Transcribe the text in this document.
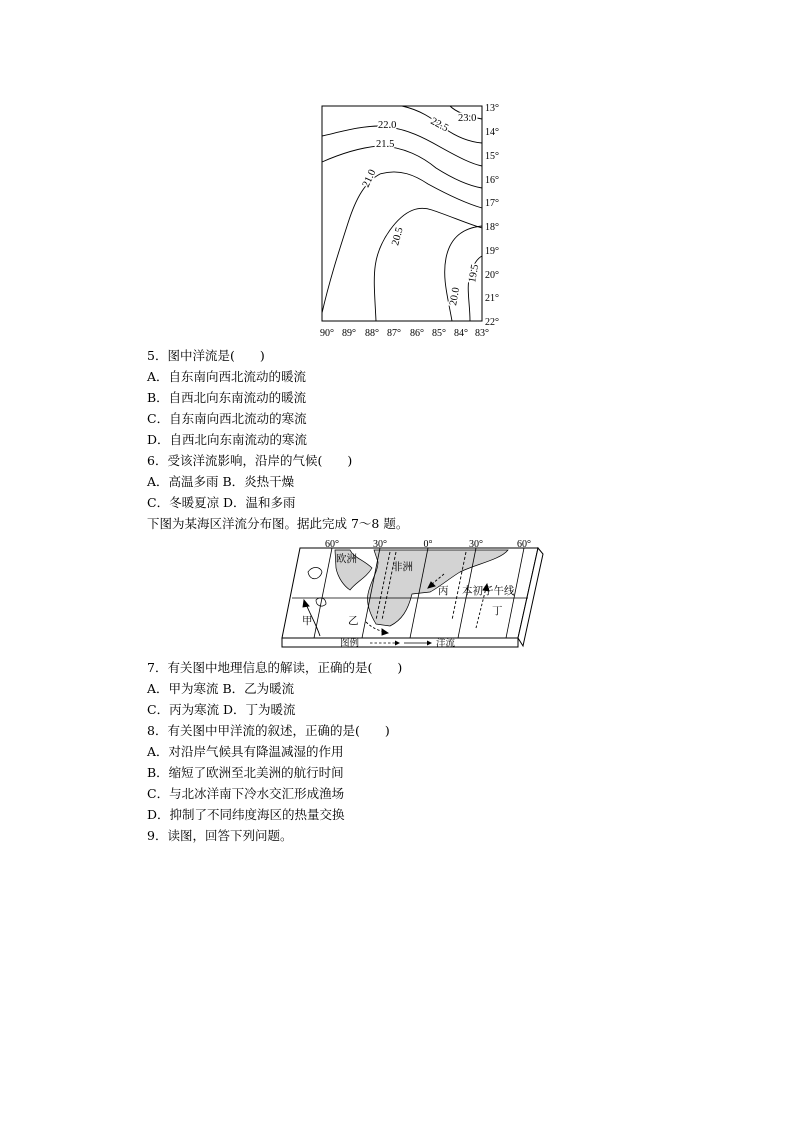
23.0
22.5
22.0
21.5
21.0
20.5
20.0
19.5
13°
14°
15°
16°
17°
18°
19°
20°
21°
22°
90° 89° 88° 87° 86° 85° 84° 83°
5．图中洋流是(　　)
A．自东南向西北流动的暖流
B．自西北向东南流动的暖流
C．自东南向西北流动的寒流
D．自西北向东南流动的寒流
6．受该洋流影响，沿岸的气候(　　)
A．高温多雨 B．炎热干燥
C．冬暖夏凉 D．温和多雨
下图为某海区洋流分布图。据此完成 7～8 题。
60°	30°	0°	30°	60°
欧洲
非洲
丙 本初子午线
甲	乙
丁
图例	洋流
7．有关图中地理信息的解读，正确的是(　　)
A．甲为寒流 B．乙为暖流
C．丙为寒流 D．丁为暖流
8．有关图中甲洋流的叙述，正确的是(　　)
A．对沿岸气候具有降温减湿的作用
B．缩短了欧洲至北美洲的航行时间
C．与北冰洋南下冷水交汇形成渔场
D．抑制了不同纬度海区的热量交换
9．读图，回答下列问题。
